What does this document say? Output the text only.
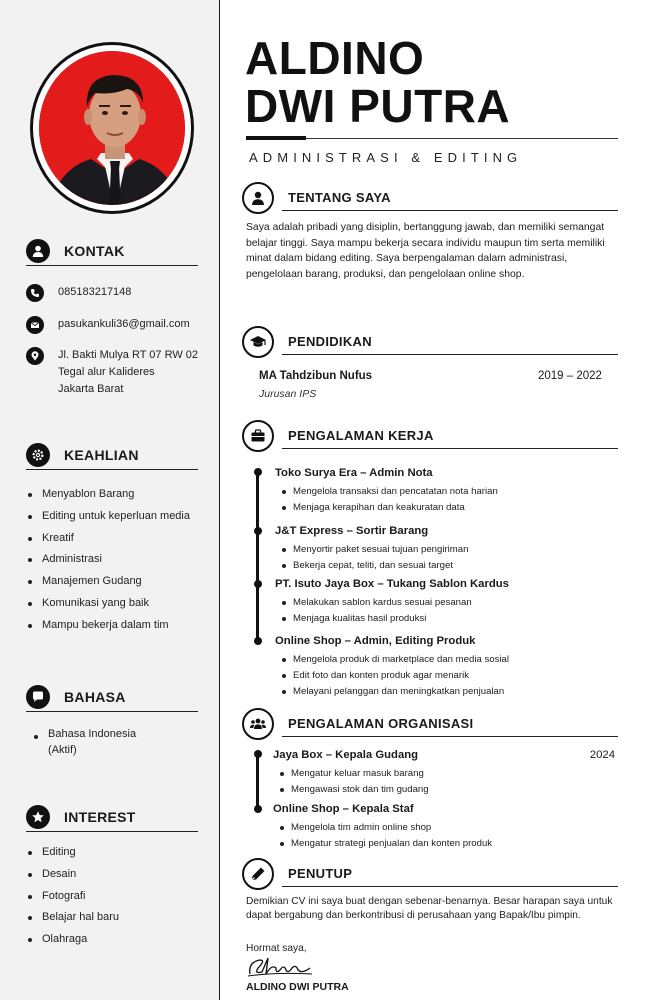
KONTAK
085183217148
pasukankuli36@gmail.com
Jl. Bakti Mulya RT 07 RW 02
Tegal alur Kalideres
Jakarta Barat
KEAHLIAN
Menyablon Barang
Editing untuk keperluan media
Kreatif
Administrasi
Manajemen Gudang
Komunikasi yang baik
Mampu bekerja dalam tim
BAHASA
Bahasa Indonesia
(Aktif)
INTEREST
Editing
Desain
Fotografi
Belajar hal baru
Olahraga
ALDINO
DWI PUTRA
ADMINISTRASI & EDITING
TENTANG SAYA
Saya adalah pribadi yang disiplin, bertanggung jawab, dan memiliki semangat belajar tinggi. Saya mampu bekerja secara individu maupun tim serta memiliki minat dalam bidang editing. Saya berpengalaman dalam administrasi, pengelolaan barang, produksi, dan pengelolaan online shop.
PENDIDIKAN
MA Tahdzibun Nufus
Jurusan IPS
2019 – 2022
PENGALAMAN KERJA
Toko Surya Era – Admin Nota
Mengelola transaksi dan pencatatan nota harian
Menjaga kerapihan dan keakuratan data
J&T Express – Sortir Barang
Menyortir paket sesuai tujuan pengiriman
Bekerja cepat, teliti, dan sesuai target
PT. Isuto Jaya Box – Tukang Sablon Kardus
Melakukan sablon kardus sesuai pesanan
Menjaga kualitas hasil produksi
Online Shop – Admin, Editing Produk
Mengelola produk di marketplace dan media sosial
Edit foto dan konten produk agar menarik
Melayani pelanggan dan meningkatkan penjualan
PENGALAMAN ORGANISASI
Jaya Box – Kepala Gudang	2024
Mengatur keluar masuk barang
Mengawasi stok dan tim gudang
Online Shop – Kepala Staf
Mengelola tim admin online shop
Mengatur strategi penjualan dan konten produk
PENUTUP
Demikian CV ini saya buat dengan sebenar-benarnya. Besar harapan saya untuk dapat bergabung dan berkontribusi di perusahaan yang Bapak/Ibu pimpin.
Hormat saya,
ALDINO DWI PUTRA
